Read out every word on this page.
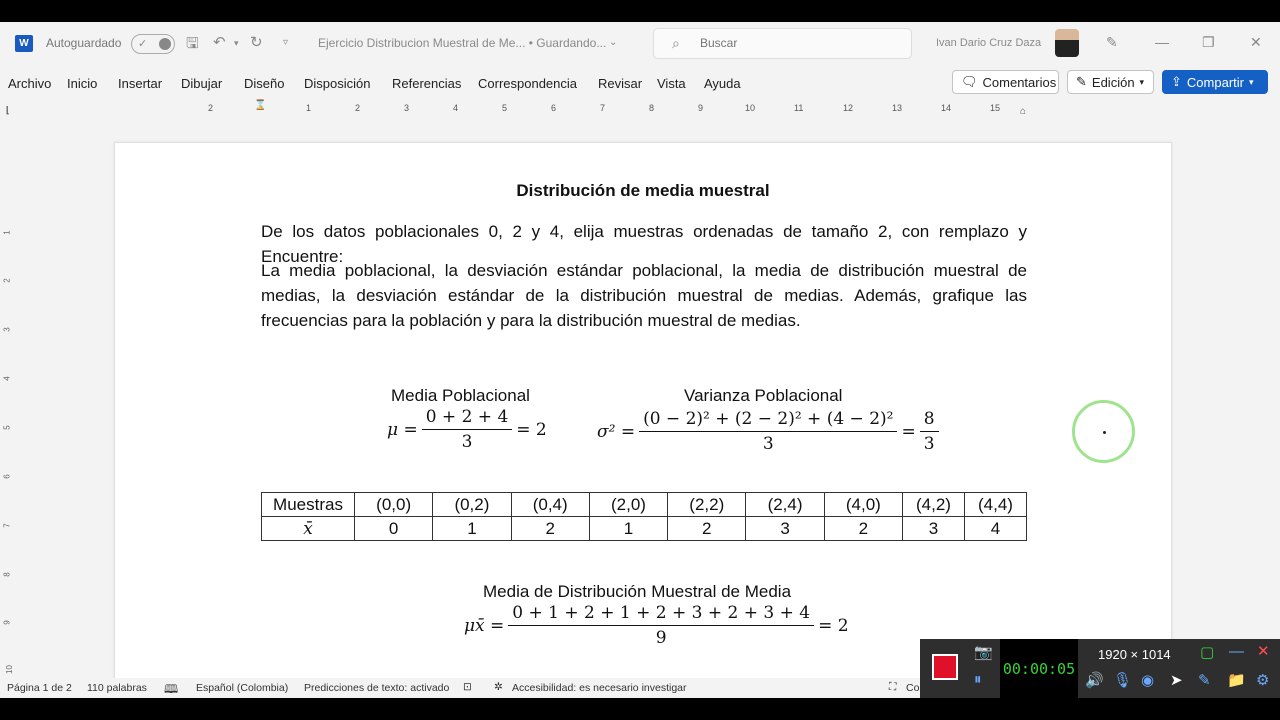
W	Autoguardado ✓	🖫 ↶ ▾ ↻ ▿ Ejercicio Distribucion Muestral de Me... • Guardando... ⌄	⌕
Buscar	Ivan Dario Cruz Daza	✎	— ❐	✕
Archivo Inicio Insertar Dibujar Diseño Disposición Referencias Correspondencia Revisar Vista Ayuda	🗨 Comentarios ✎ Edición ▾ ⇪ Compartir ▾
⌊	2	1	2	3	4	5	6	7	8	9	10	11	12	13	14	15
⌛
⌂
1
2
3
4
5
6
7
8
9
10
Distribución de media muestral
De los datos poblacionales 0, 2 y 4, elija muestras ordenadas de tamaño 2, con remplazo y Encuentre:
La media poblacional, la desviación estándar poblacional, la media de distribución muestral de medias, la desviación estándar de la distribución muestral de medias. Además, grafique las frecuencias para la población y para la distribución muestral de medias.
Media Poblacional
$\mu = \frac{0 + 2 + 4}{3} = 2$
Varianza Poblacional
$\sigma^2 = \frac{\text{(0 − 2)² + (2 − 2)² + (4 − 2)²}}{3} = \frac{8}{3}$
Muestras	(0,0)	(0,2)	(0,4)	(2,0)	(2,2)	(2,4)	(4,0)	(4,2)	(4,4)
x̄	0	1	2	1	2	3	2	3	4
Media de Distribución Muestral de Media
μx̄ = $\frac{0 + 1 + 2 + 1 + 2 + 3 + 2 + 3 + 4}{9} = 2$
Página 1 de 2 110 palabras 🕮 Español (Colombia) Predicciones de texto: activado ⊡ ✲ Accesibilidad: es necesario investigar	⛶ Co
📷
⏸
00:00:05
1920 × 1014 ▢ — ✕
🔊 🎙 ◉ ➤ ✎ 📁 ⚙
